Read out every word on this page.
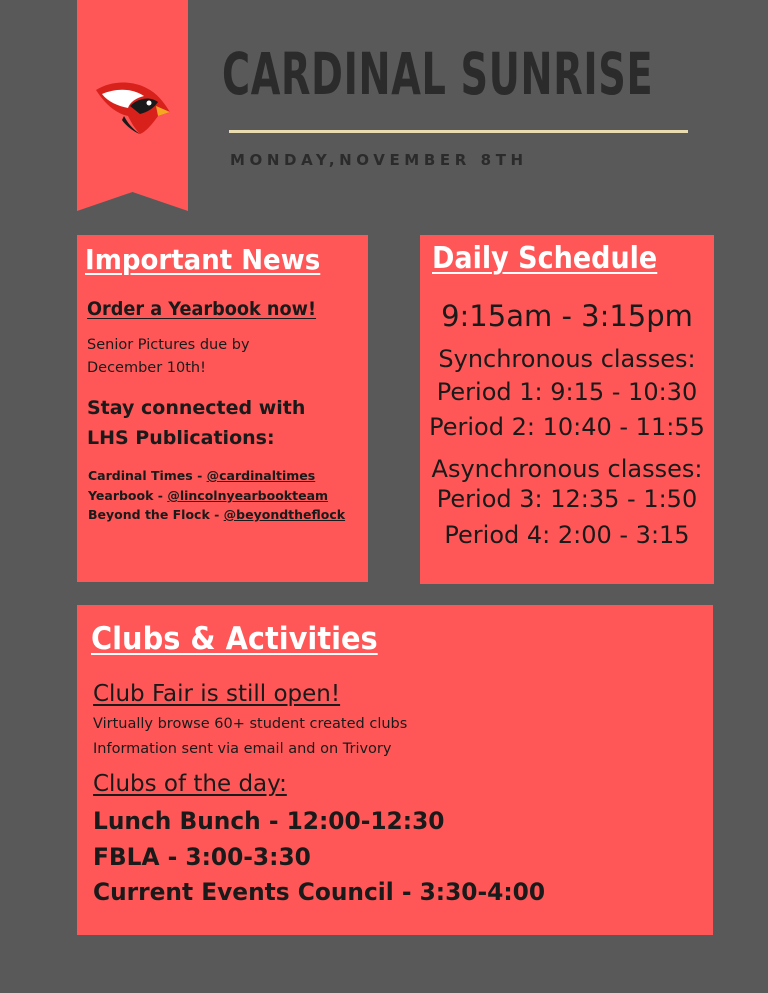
CARDINAL SUNRISE
MONDAY,NOVEMBER 8TH
Important News
Order a Yearbook now!
Senior Pictures due by
December 10th!
Stay connected with
LHS Publications:
Cardinal Times - @cardinaltimes
Yearbook - @lincolnyearbookteam
Beyond the Flock - @beyondtheflock
Daily Schedule
9:15am - 3:15pm
Synchronous classes:
Period 1: 9:15 - 10:30
Period 2: 10:40 - 11:55
Asynchronous classes:
Period 3: 12:35 - 1:50
Period 4: 2:00 - 3:15
Clubs & Activities
Club Fair is still open!
Virtually browse 60+ student created clubs
Information sent via email and on Trivory
Clubs of the day:
Lunch Bunch - 12:00-12:30
FBLA - 3:00-3:30
Current Events Council - 3:30-4:00
